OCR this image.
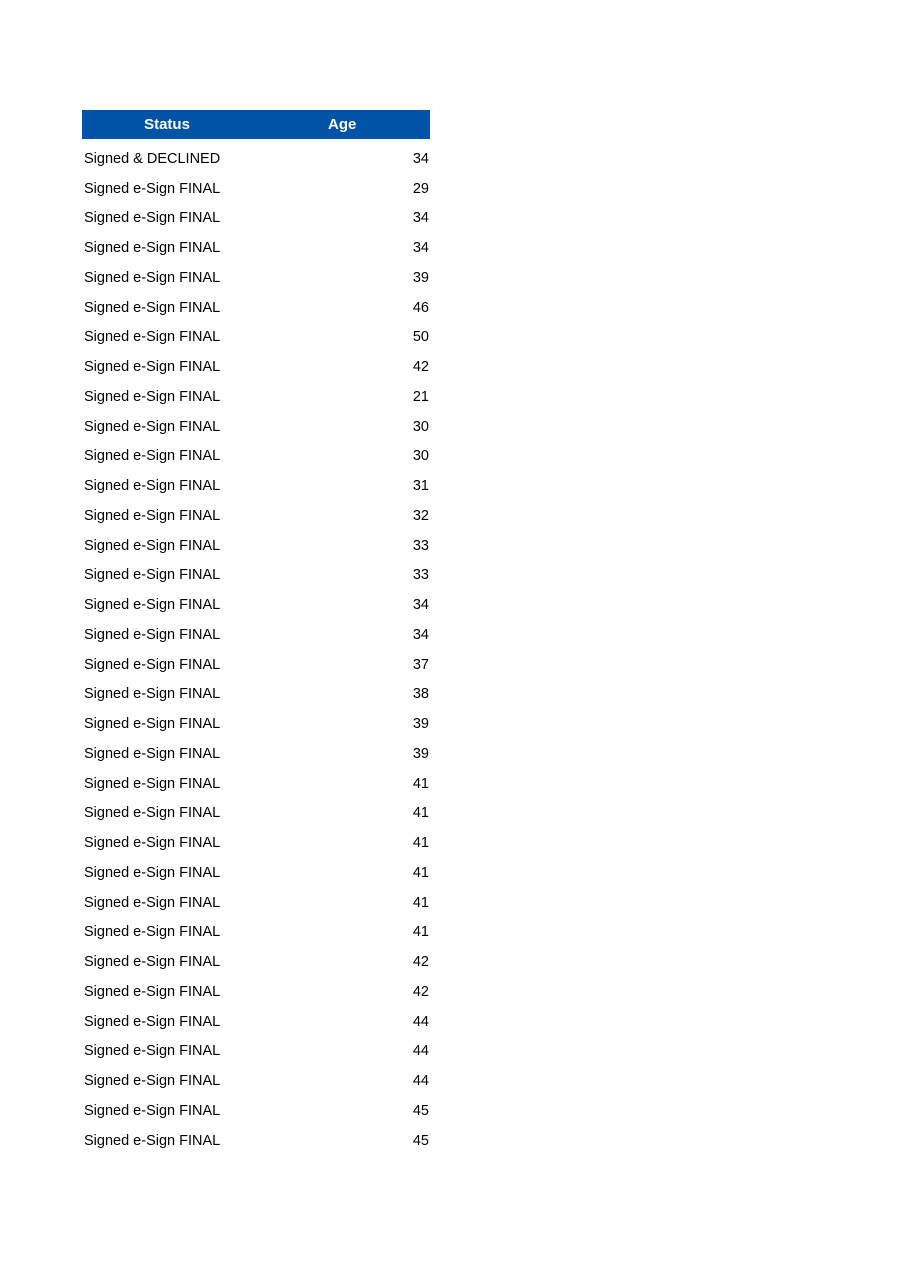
Status	Age
Signed & DECLINED	34
Signed e-Sign FINAL	29
Signed e-Sign FINAL	34
Signed e-Sign FINAL	34
Signed e-Sign FINAL	39
Signed e-Sign FINAL	46
Signed e-Sign FINAL	50
Signed e-Sign FINAL	42
Signed e-Sign FINAL	21
Signed e-Sign FINAL	30
Signed e-Sign FINAL	30
Signed e-Sign FINAL	31
Signed e-Sign FINAL	32
Signed e-Sign FINAL	33
Signed e-Sign FINAL	33
Signed e-Sign FINAL	34
Signed e-Sign FINAL	34
Signed e-Sign FINAL	37
Signed e-Sign FINAL	38
Signed e-Sign FINAL	39
Signed e-Sign FINAL	39
Signed e-Sign FINAL	41
Signed e-Sign FINAL	41
Signed e-Sign FINAL	41
Signed e-Sign FINAL	41
Signed e-Sign FINAL	41
Signed e-Sign FINAL	41
Signed e-Sign FINAL	42
Signed e-Sign FINAL	42
Signed e-Sign FINAL	44
Signed e-Sign FINAL	44
Signed e-Sign FINAL	44
Signed e-Sign FINAL	45
Signed e-Sign FINAL	45
